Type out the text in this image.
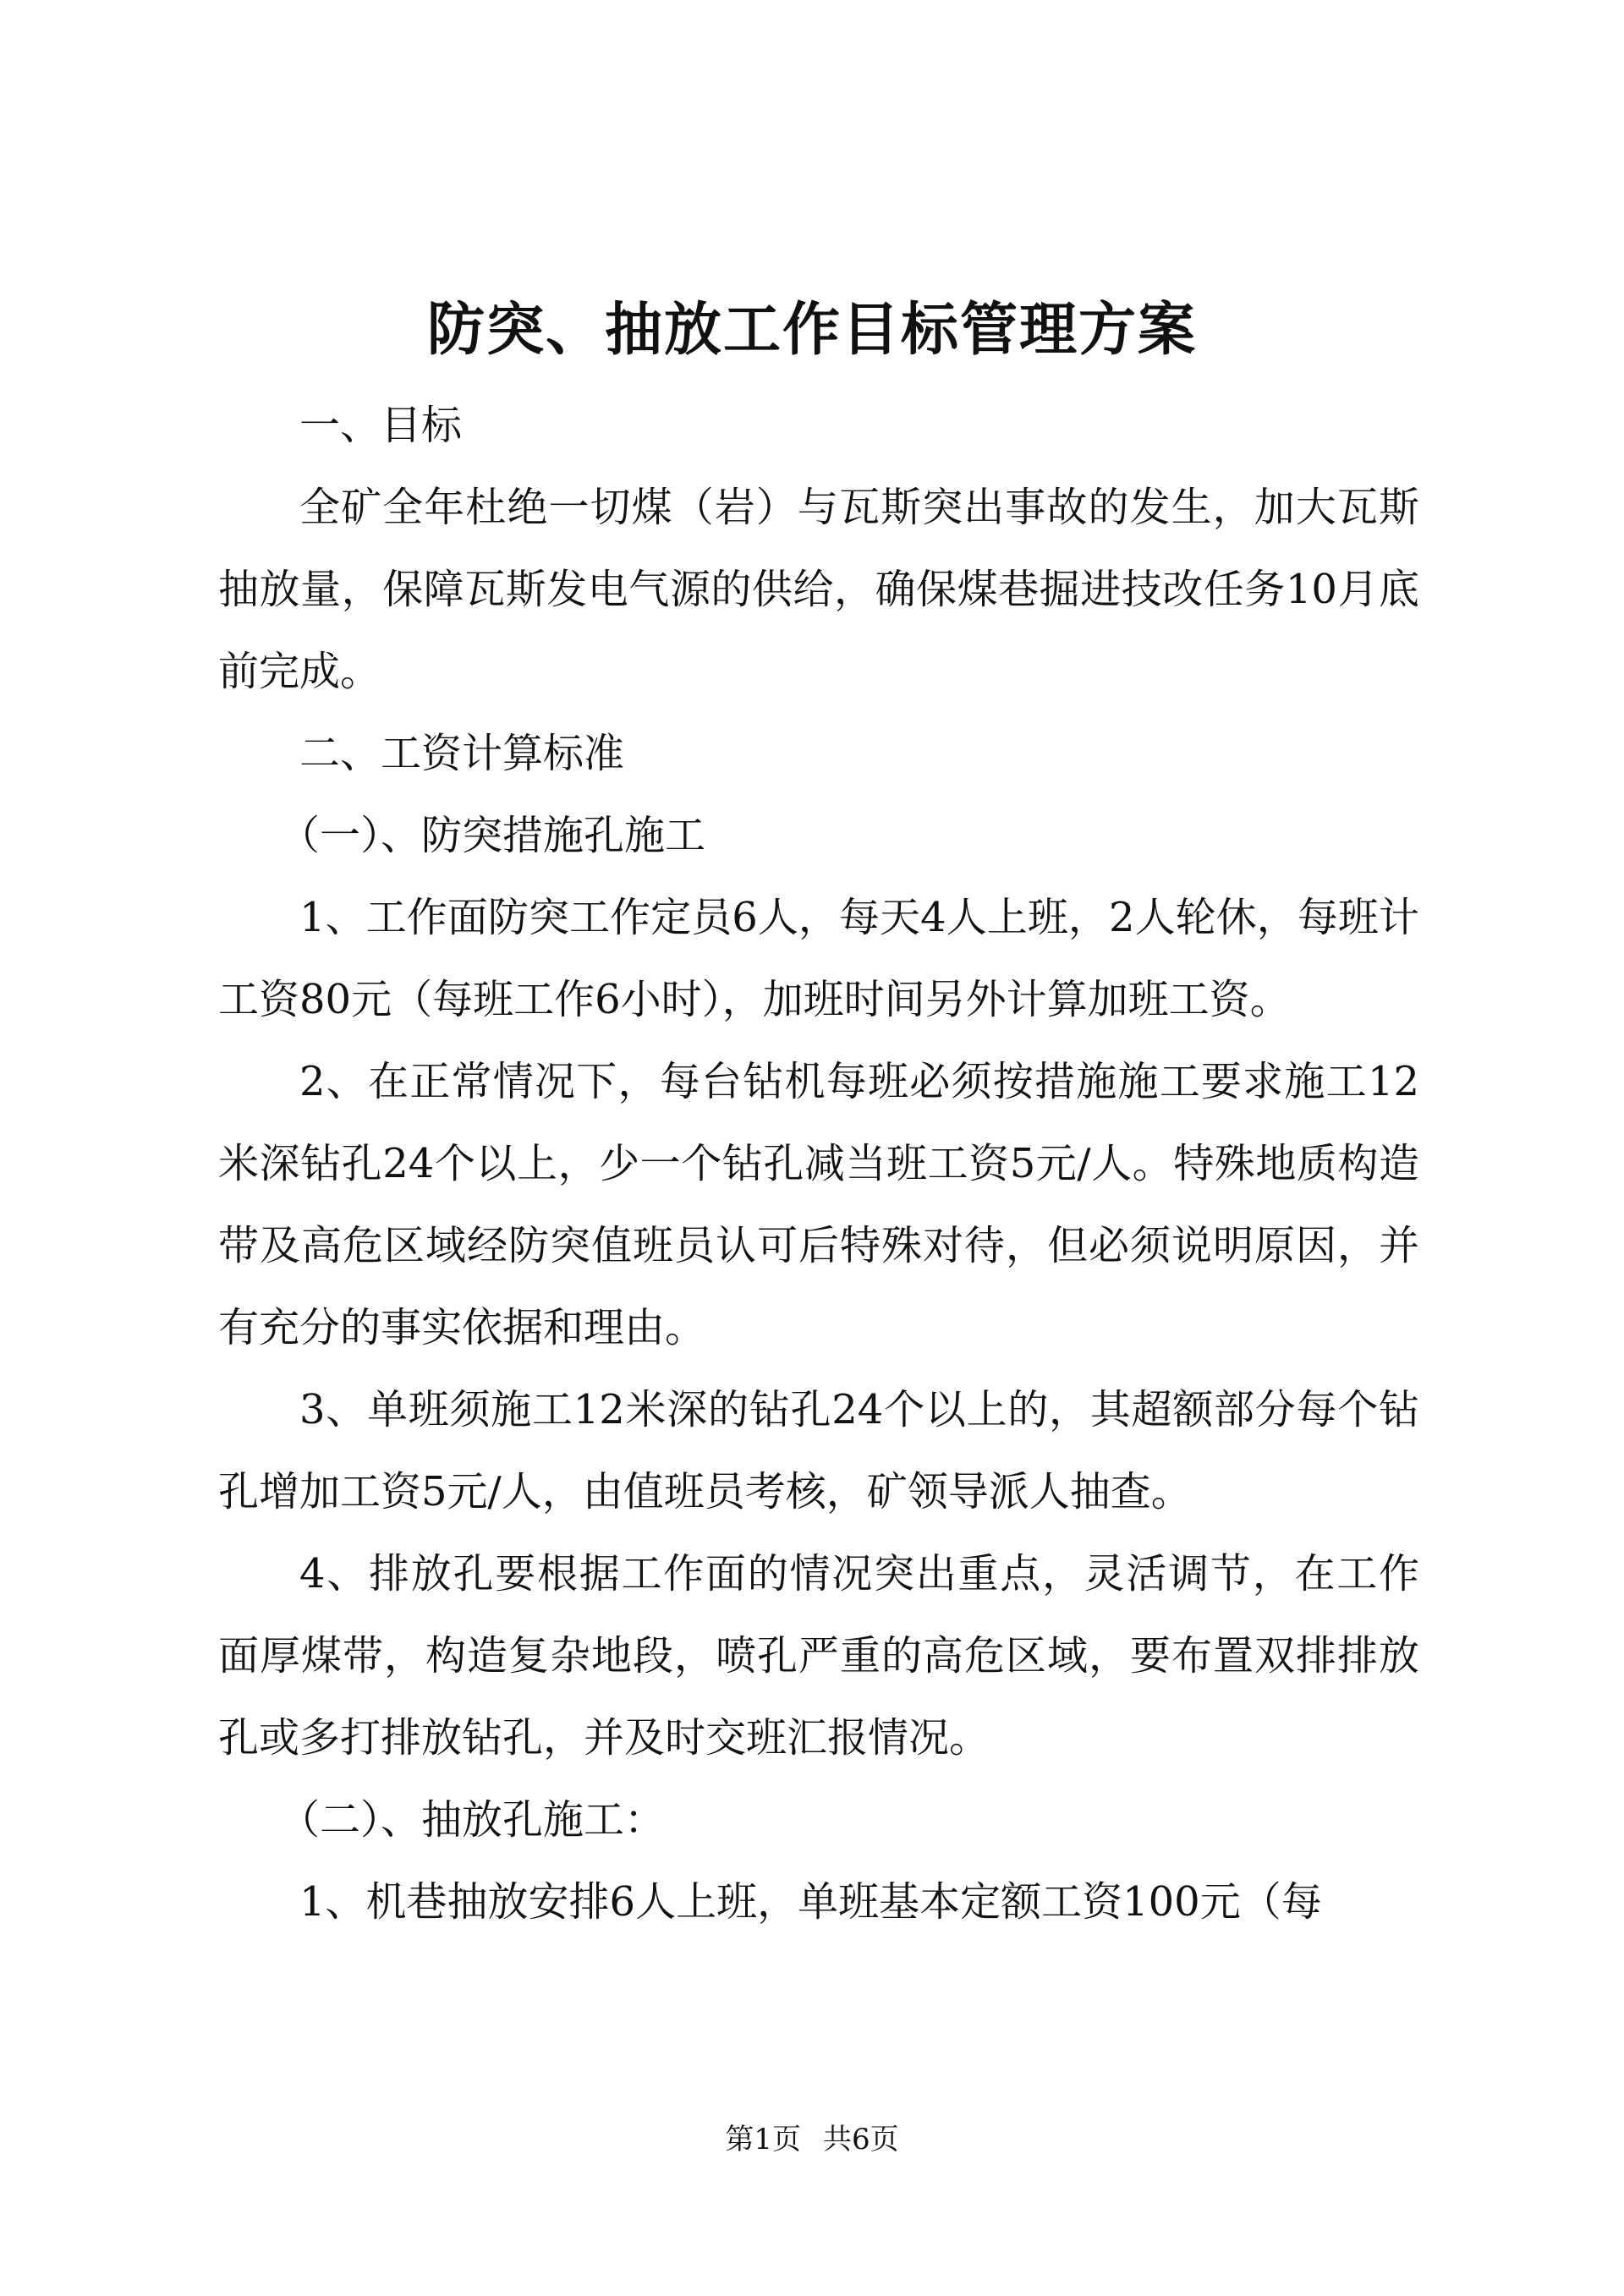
防突、抽放工作目标管理方案

一、目标

全矿全年杜绝一切煤（岩）与瓦斯突出事故的发生，加大瓦斯抽放量，保障瓦斯发电气源的供给，确保煤巷掘进技改任务10月底前完成。

二、工资计算标准

（一）、防突措施孔施工

1、工作面防突工作定员6人，每天4人上班，2人轮休，每班计工资80元（每班工作6小时），加班时间另外计算加班工资。

2、在正常情况下，每台钻机每班必须按措施施工要求施工12米深钻孔24个以上，少一个钻孔减当班工资5元/人。特殊地质构造带及高危区域经防突值班员认可后特殊对待，但必须说明原因，并有充分的事实依据和理由。

3、单班须施工12米深的钻孔24个以上的，其超额部分每个钻孔增加工资5元/人，由值班员考核，矿领导派人抽查。

4、排放孔要根据工作面的情况突出重点，灵活调节，在工作面厚煤带，构造复杂地段，喷孔严重的高危区域，要布置双排排放孔或多打排放钻孔，并及时交班汇报情况。

（二）、抽放孔施工：

1、机巷抽放安排6人上班，单班基本定额工资100元（每

第1页 共6页
